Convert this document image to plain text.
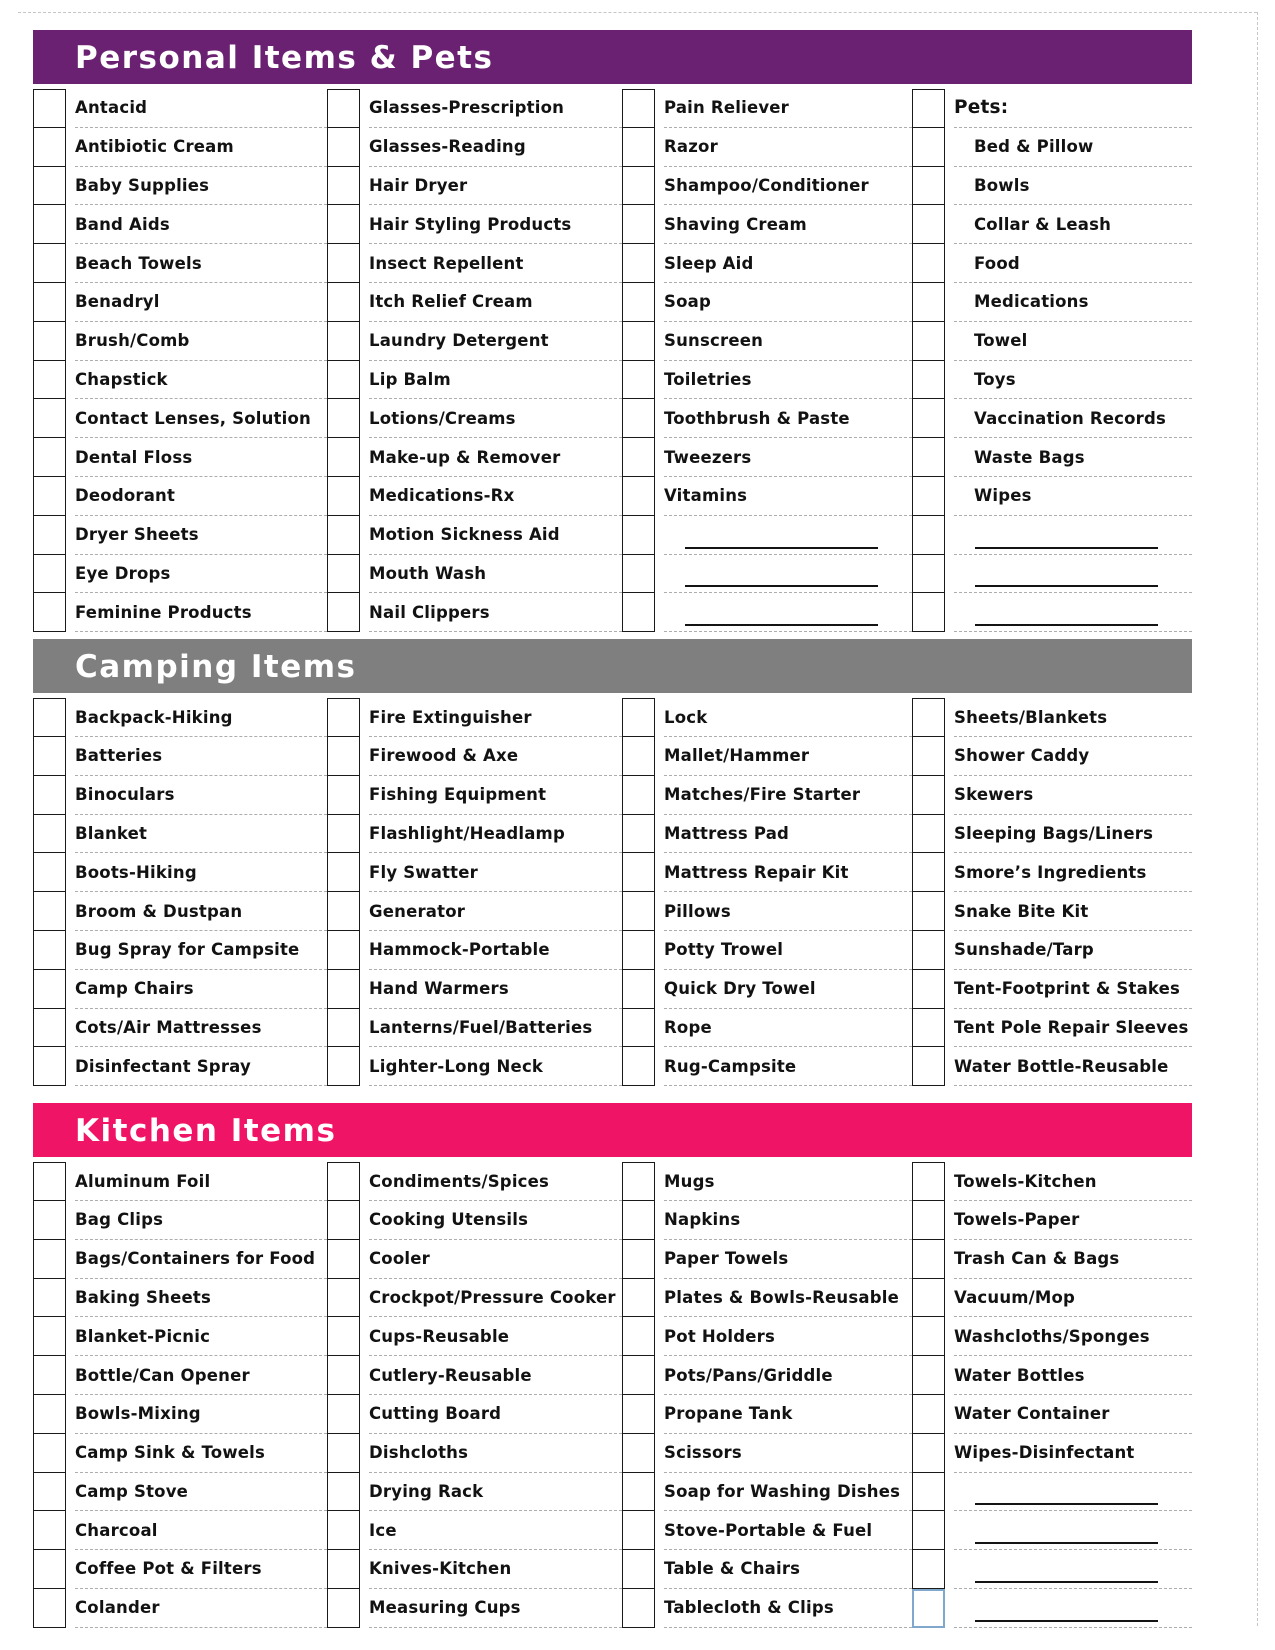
Personal Items & Pets
Antacid
Antibiotic Cream
Baby Supplies
Band Aids
Beach Towels
Benadryl
Brush/Comb
Chapstick
Contact Lenses, Solution
Dental Floss
Deodorant
Dryer Sheets
Eye Drops
Feminine Products
Glasses-Prescription
Glasses-Reading
Hair Dryer
Hair Styling Products
Insect Repellent
Itch Relief Cream
Laundry Detergent
Lip Balm
Lotions/Creams
Make-up & Remover
Medications-Rx
Motion Sickness Aid
Mouth Wash
Nail Clippers
Pain Reliever
Razor
Shampoo/Conditioner
Shaving Cream
Sleep Aid
Soap
Sunscreen
Toiletries
Toothbrush & Paste
Tweezers
Vitamins
Pets:
Bed & Pillow
Bowls
Collar & Leash
Food
Medications
Towel
Toys
Vaccination Records
Waste Bags
Wipes
Camping Items
Backpack-Hiking
Batteries
Binoculars
Blanket
Boots-Hiking
Broom & Dustpan
Bug Spray for Campsite
Camp Chairs
Cots/Air Mattresses
Disinfectant Spray
Fire Extinguisher
Firewood & Axe
Fishing Equipment
Flashlight/Headlamp
Fly Swatter
Generator
Hammock-Portable
Hand Warmers
Lanterns/Fuel/Batteries
Lighter-Long Neck
Lock
Mallet/Hammer
Matches/Fire Starter
Mattress Pad
Mattress Repair Kit
Pillows
Potty Trowel
Quick Dry Towel
Rope
Rug-Campsite
Sheets/Blankets
Shower Caddy
Skewers
Sleeping Bags/Liners
Smore’s Ingredients
Snake Bite Kit
Sunshade/Tarp
Tent-Footprint & Stakes
Tent Pole Repair Sleeves
Water Bottle-Reusable
Kitchen Items
Aluminum Foil
Bag Clips
Bags/Containers for Food
Baking Sheets
Blanket-Picnic
Bottle/Can Opener
Bowls-Mixing
Camp Sink & Towels
Camp Stove
Charcoal
Coffee Pot & Filters
Colander
Condiments/Spices
Cooking Utensils
Cooler
Crockpot/Pressure Cooker
Cups-Reusable
Cutlery-Reusable
Cutting Board
Dishcloths
Drying Rack
Ice
Knives-Kitchen
Measuring Cups
Mugs
Napkins
Paper Towels
Plates & Bowls-Reusable
Pot Holders
Pots/Pans/Griddle
Propane Tank
Scissors
Soap for Washing Dishes
Stove-Portable & Fuel
Table & Chairs
Tablecloth & Clips
Towels-Kitchen
Towels-Paper
Trash Can & Bags
Vacuum/Mop
Washcloths/Sponges
Water Bottles
Water Container
Wipes-Disinfectant
